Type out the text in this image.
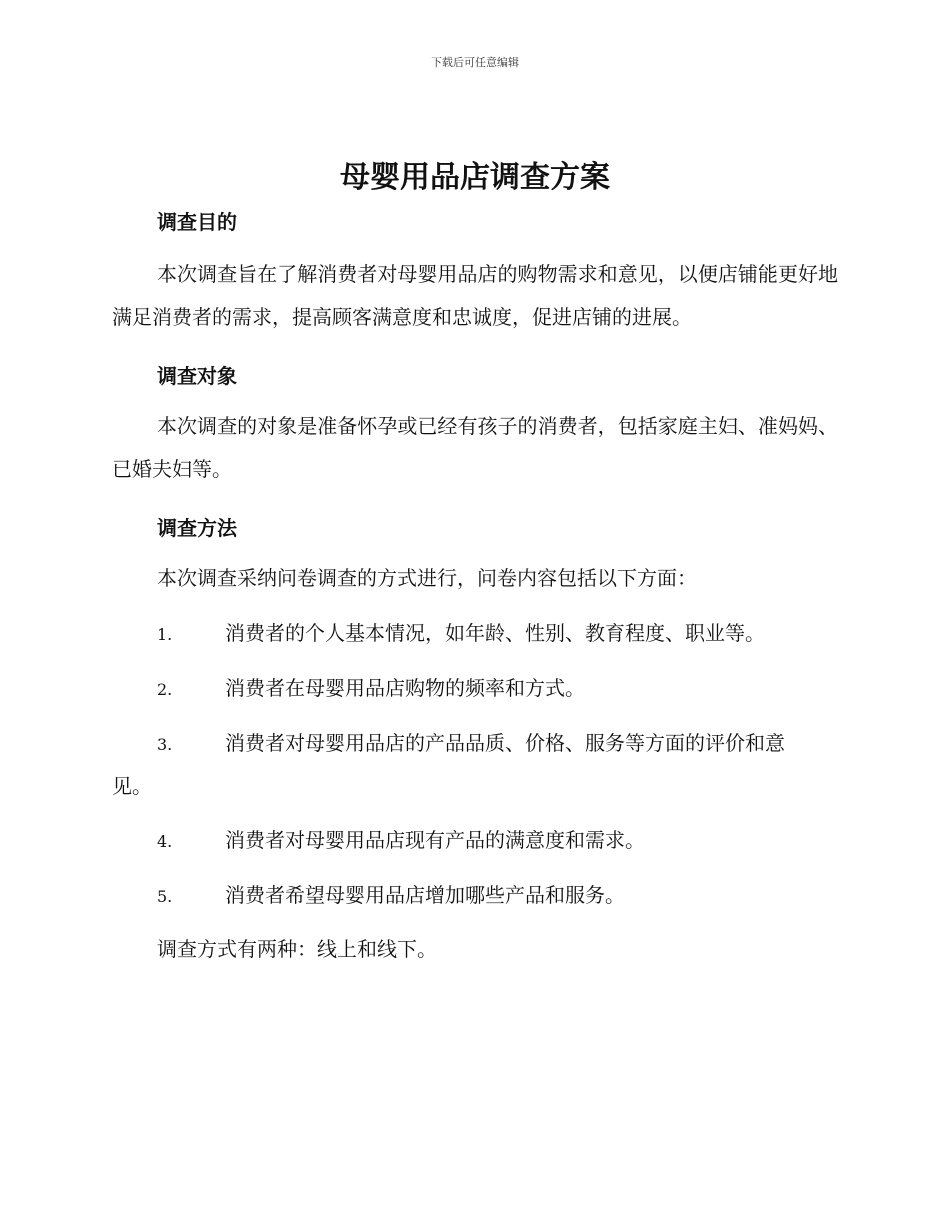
下载后可任意编辑
母婴用品店调查方案
调查目的
本次调查旨在了解消费者对母婴用品店的购物需求和意见，以便店铺能更好地满足消费者的需求，提高顾客满意度和忠诚度，促进店铺的进展。
调查对象
本次调查的对象是准备怀孕或已经有孩子的消费者，包括家庭主妇、准妈妈、已婚夫妇等。
调查方法
本次调查采纳问卷调查的方式进行，问卷内容包括以下方面：
1.	消费者的个人基本情况，如年龄、性别、教育程度、职业等。
2.	消费者在母婴用品店购物的频率和方式。
3.	消费者对母婴用品店的产品品质、价格、服务等方面的评价和意
见。
4.	消费者对母婴用品店现有产品的满意度和需求。
5.	消费者希望母婴用品店增加哪些产品和服务。
调查方式有两种：线上和线下。
